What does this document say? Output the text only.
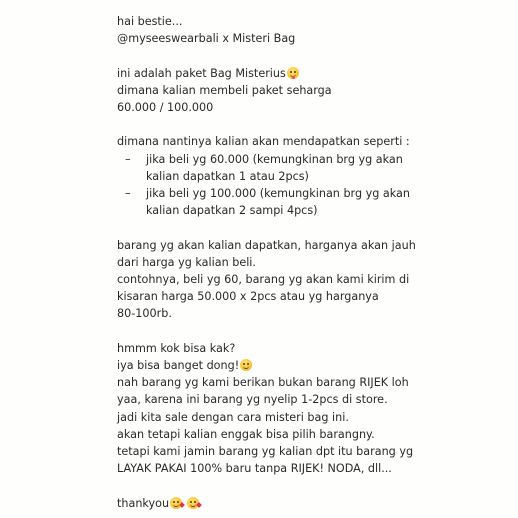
hai bestie...
@myseeswearbali x Misteri Bag
ini adalah paket Bag Misterius
dimana kalian membeli paket seharga
60.000 / 100.000
dimana nantinya kalian akan mendapatkan seperti :
–	jika beli yg 60.000 (kemungkinan brg yg akan
kalian dapatkan 1 atau 2pcs)
–	jika beli yg 100.000 (kemungkinan brg yg akan
kalian dapatkan 2 sampi 4pcs)
barang yg akan kalian dapatkan, harganya akan jauh
dari harga yg kalian beli.
contohnya, beli yg 60, barang yg akan kami kirim di
kisaran harga 50.000 x 2pcs atau yg harganya
80-100rb.
hmmm kok bisa kak?
iya bisa banget dong!
nah barang yg kami berikan bukan barang RIJEK loh
yaa, karena ini barang yg nyelip 1-2pcs di store.
jadi kita sale dengan cara misteri bag ini.
akan tetapi kalian enggak bisa pilih barangny.
tetapi kami jamin barang yg kalian dpt itu barang yg
LAYAK PAKAI 100% baru tanpa RIJEK! NODA, dll...
thankyou
